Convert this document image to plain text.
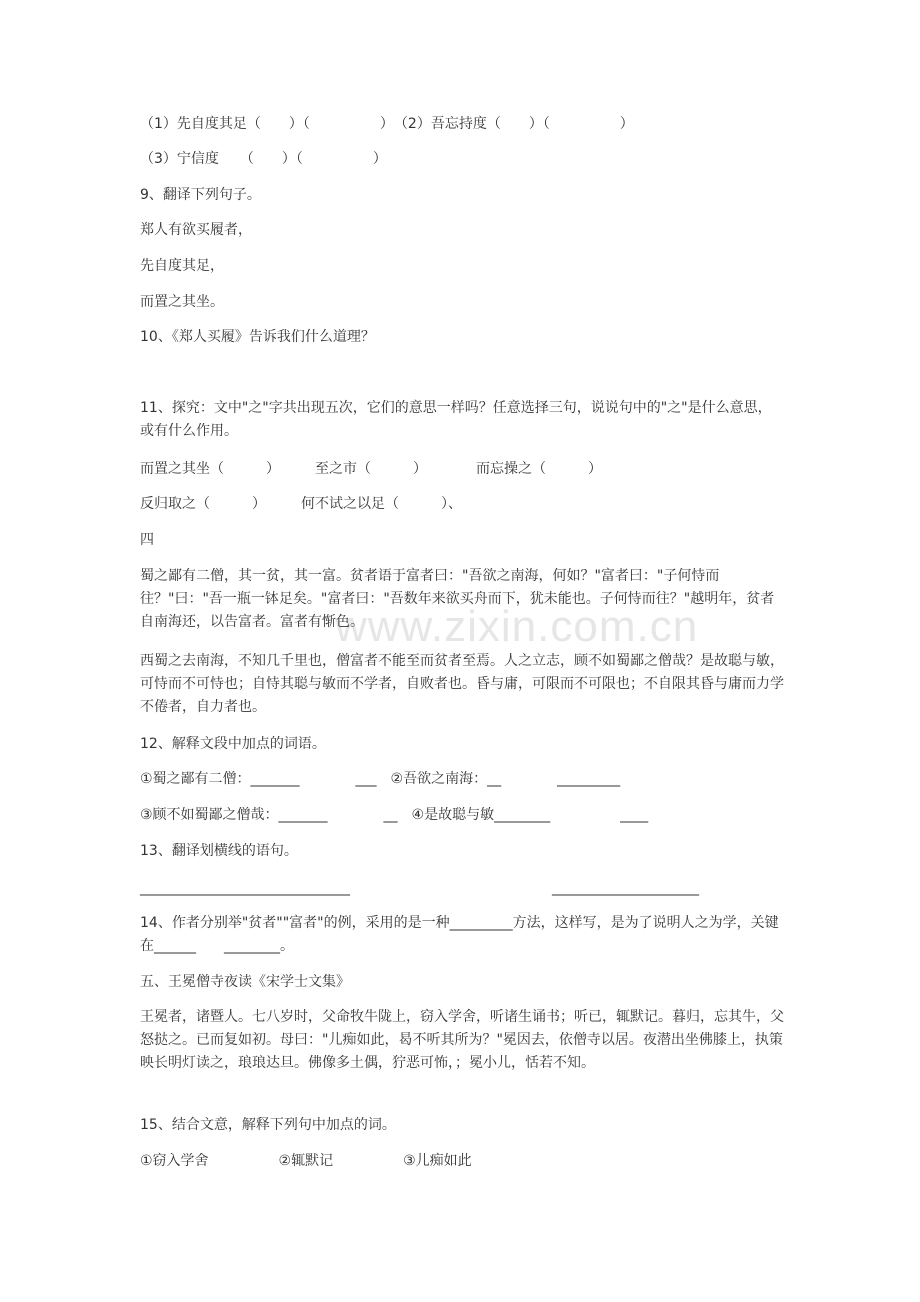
www.zixin.com.cn
（1）先自度其足（　　）（　　　　　）　（2）吾忘持度（　　）（　　　　　）
（3）宁信度　　（　　）（　　　　　）
9、翻译下列句子。
郑人有欲买履者，
先自度其足，
而置之其坐。
10、《郑人买履》告诉我们什么道理？
11、探究：文中"之"字共出现五次，它们的意思一样吗？任意选择三句，说说句中的"之"是什么意思，或有什么作用。
而置之其坐（　　　）　　　至之市（　　　）　　　　而忘操之（　　　）
反归取之（　　　）　　　何不试之以足（　　　）、
四
蜀之鄙有二僧，其一贫，其一富。贫者语于富者曰："吾欲之南海，何如？"富者曰："子何恃而往？"曰："吾一瓶一钵足矣。"富者曰："吾数年来欲买舟而下，犹未能也。子何恃而往？"越明年，贫者自南海还，以告富者。富者有惭色。
西蜀之去南海，不知几千里也，僧富者不能至而贫者至焉。人之立志，顾不如蜀鄙之僧哉？是故聪与敏，可恃而不可恃也；自恃其聪与敏而不学者，自败者也。昏与庸，可限而不可限也；不自限其昏与庸而力学不倦者，自力者也。
12、解释文段中加点的词语。
①蜀之鄙有二僧：_______　　　　___　②吾欲之南海：__　　　　_________
③顾不如蜀鄙之僧哉：_______　　　　__　④是故聪与敏________　　　　　____
13、翻译划横线的语句。
______________________________	_____________________
14、作者分别举"贫者""富者"的例，采用的是一种_________方法，这样写，是为了说明人之为学，关键在______　　________。
五、王冕僧寺夜读《宋学士文集》
王冕者，诸暨人。七八岁时，父命牧牛陇上，窃入学舍，听诸生诵书；听已，辄默记。暮归，忘其牛，父怒挞之。已而复如初。母曰："儿痴如此，曷不听其所为？"冕因去，依僧寺以居。夜潜出坐佛膝上，执策映长明灯读之，琅琅达旦。佛像多土偶，狞恶可怖，；冕小儿，恬若不知。
15、结合文意，解释下列句中加点的词。
①窃入学舍　　　　　②辄默记　　　　　③儿痴如此
